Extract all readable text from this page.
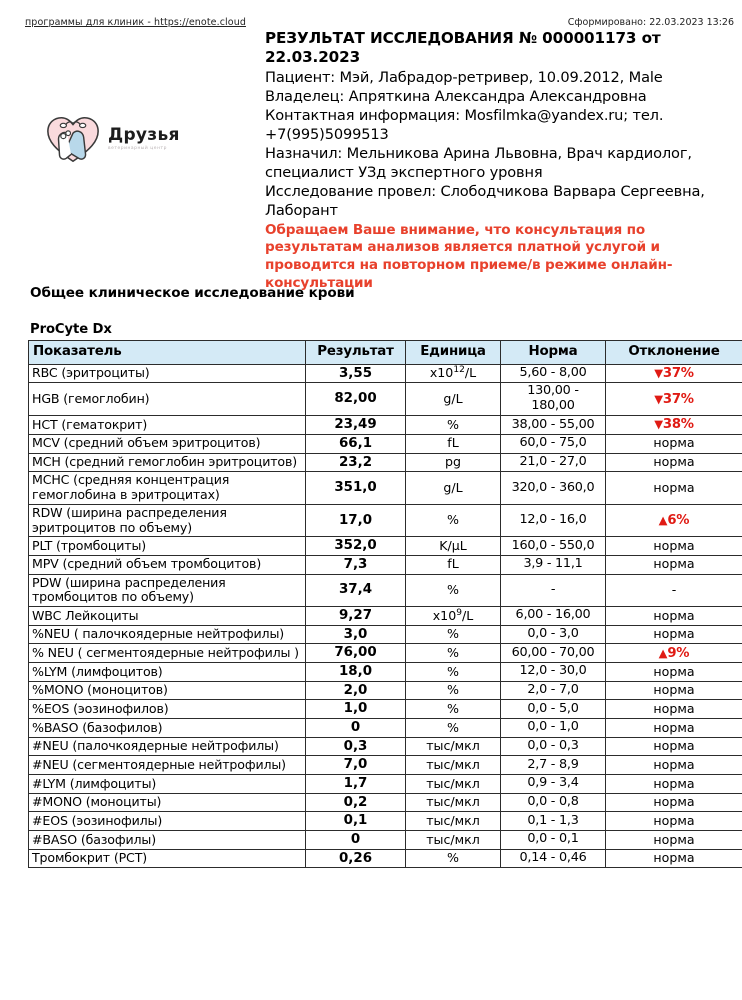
программы для клиник - https://enote.cloud	Сформировано: 22.03.2023 13:26
РЕЗУЛЬТАТ ИССЛЕДОВАНИЯ № 000001173 от 22.03.2023
Пациент: Мэй, Лабрадор-ретривер, 10.09.2012, Male
Владелец: Апряткина Александра Александровна
Контактная информация: Mosfilmka@yandex.ru; тел. +7(995)5099513
Назначил: Мельникова Арина Львовна, Врач кардиолог, специалист УЗд экспертного уровня
Исследование провел: Слободчикова Варвара Сергеевна, Лаборант
Обращаем Ваше внимание, что консультация по результатам анализов является платной услугой и проводится на повторном приеме/в режиме онлайн-консультации
Друзья
ветеринарный центр
Общее клиническое исследование крови
ProCyte Dx
Показатель	Результат	Единица	Норма	Отклонение
RBC (эритроциты)	3,55	$x10^{12}/L$	5,60 - 8,00	▼37%
HGB (гемоглобин)	82,00	g/L	130,00 - 180,00	▼37%
HCT (гематокрит)	23,49	%	38,00 - 55,00	▼38%
MCV (средний объем эритроцитов)	66,1	fL	60,0 - 75,0	норма
MCH (средний гемоглобин эритроцитов)	23,2	pg	21,0 - 27,0	норма
MCHC (средняя концентрация гемоглобина в эритроцитах)	351,0	g/L	320,0 - 360,0	норма
RDW (ширина распределения эритроцитов по объему)	17,0	%	12,0 - 16,0	▲6%
PLT (тромбоциты)	352,0	K/µL	160,0 - 550,0	норма
MPV (средний объем тромбоцитов)	7,3	fL	3,9 - 11,1	норма
PDW (ширина распределения тромбоцитов по объему)	37,4	%	-	-
WBC Лейкоциты	9,27	$x10^9/L$	6,00 - 16,00	норма
%NEU ( палочкоядерные нейтрофилы)	3,0	%	0,0 - 3,0	норма
% NEU ( сегментоядерные нейтрофилы )	76,00	%	60,00 - 70,00	▲9%
%LYM (лимфоцитов)	18,0	%	12,0 - 30,0	норма
%MONO (моноцитов)	2,0	%	2,0 - 7,0	норма
%EOS (эозинофилов)	1,0	%	0,0 - 5,0	норма
%BASO (базофилов)	0	%	0,0 - 1,0	норма
#NEU (палочкоядерные нейтрофилы)	0,3	тыс/мкл	0,0 - 0,3	норма
#NEU (сегментоядерные нейтрофилы)	7,0	тыс/мкл	2,7 - 8,9	норма
#LYM (лимфоциты)	1,7	тыс/мкл	0,9 - 3,4	норма
#MONO (моноциты)	0,2	тыс/мкл	0,0 - 0,8	норма
#EOS (эозинофилы)	0,1	тыс/мкл	0,1 - 1,3	норма
#BASO (базофилы)	0	тыс/мкл	0,0 - 0,1	норма
Тромбокрит (PCT)	0,26	%	0,14 - 0,46	норма
